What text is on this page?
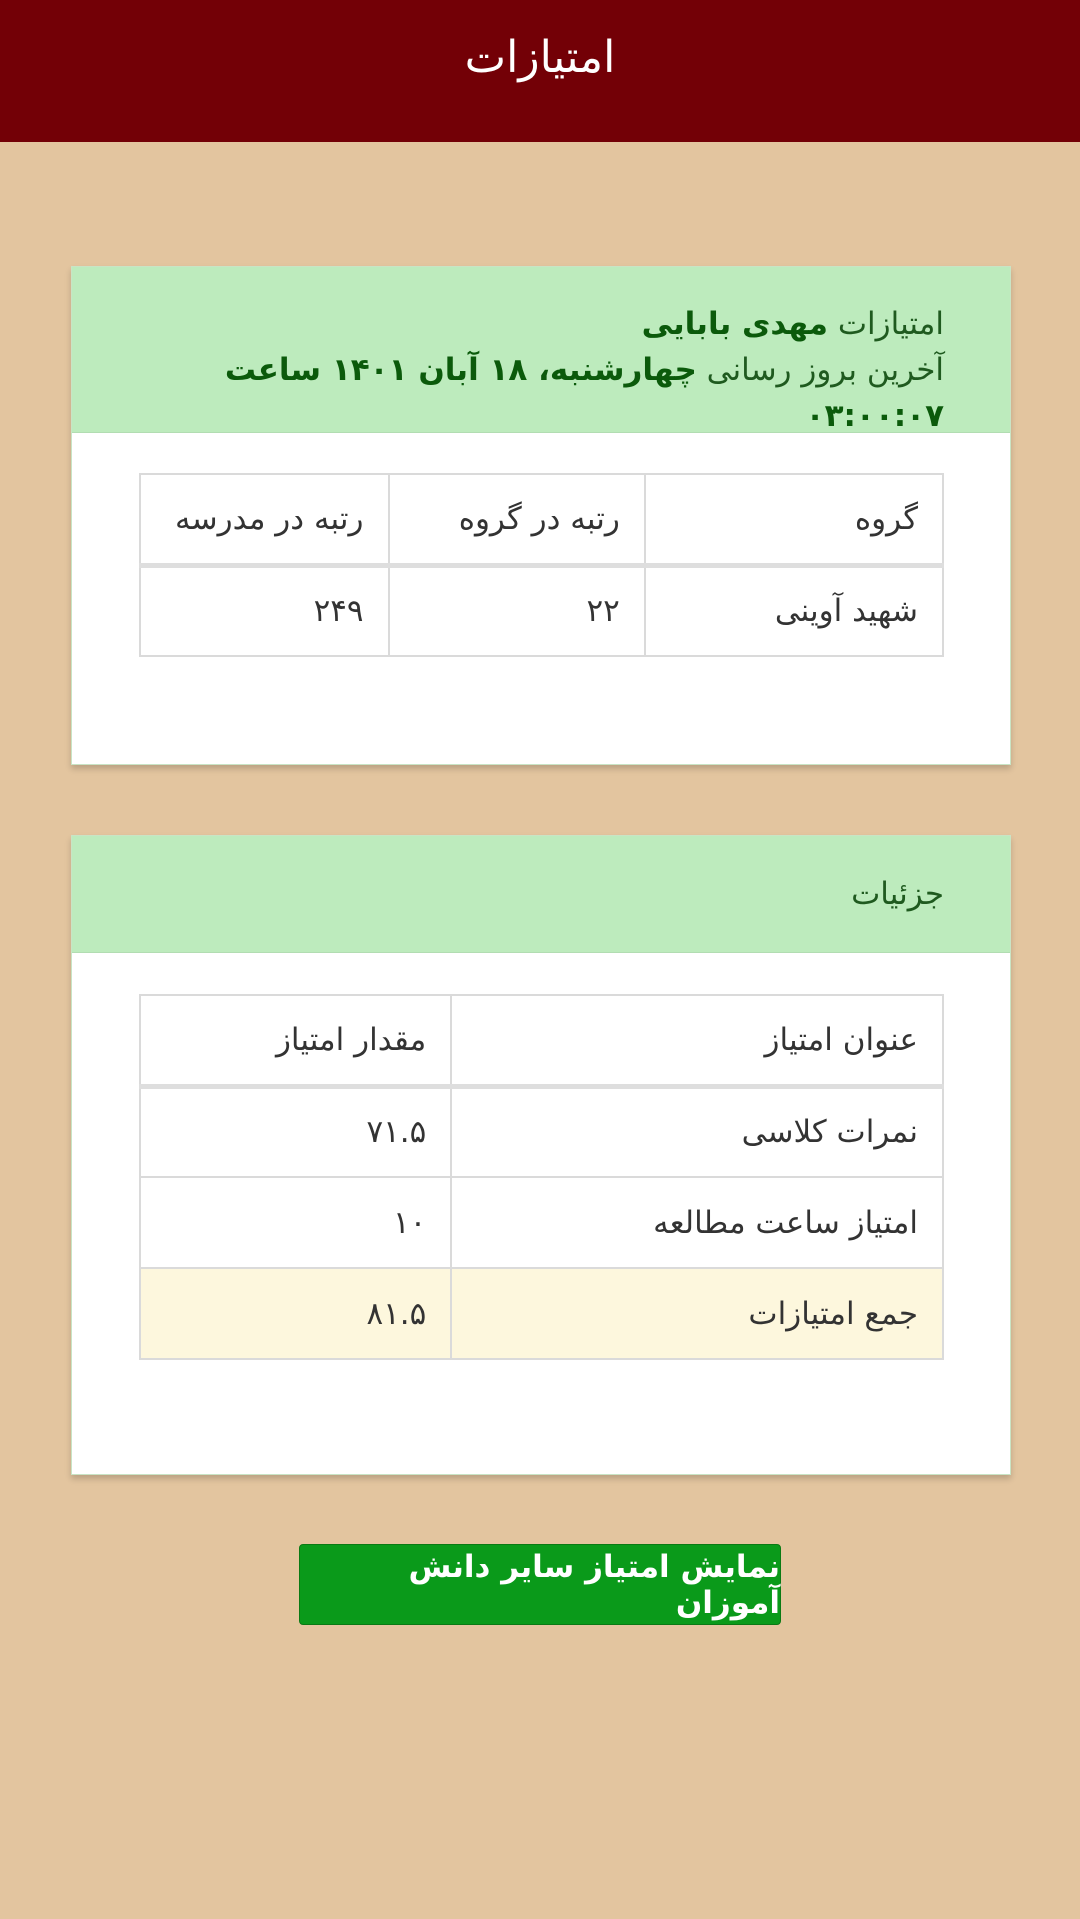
امتیازات
امتیازات مهدی بابایی
آخرین بروز رسانی چهارشنبه، ۱۸ آبان ۱۴۰۱ ساعت ۰۳:۰۰:۰۷
گروه	رتبه در گروه	رتبه در مدرسه
شهید آوینی	۲۲	۲۴۹
جزئیات
عنوان امتیاز	مقدار امتیاز
نمرات کلاسی	۷۱.۵
امتیاز ساعت مطالعه	۱۰
جمع امتیازات	۸۱.۵
نمایش امتیاز سایر دانش آموزان
